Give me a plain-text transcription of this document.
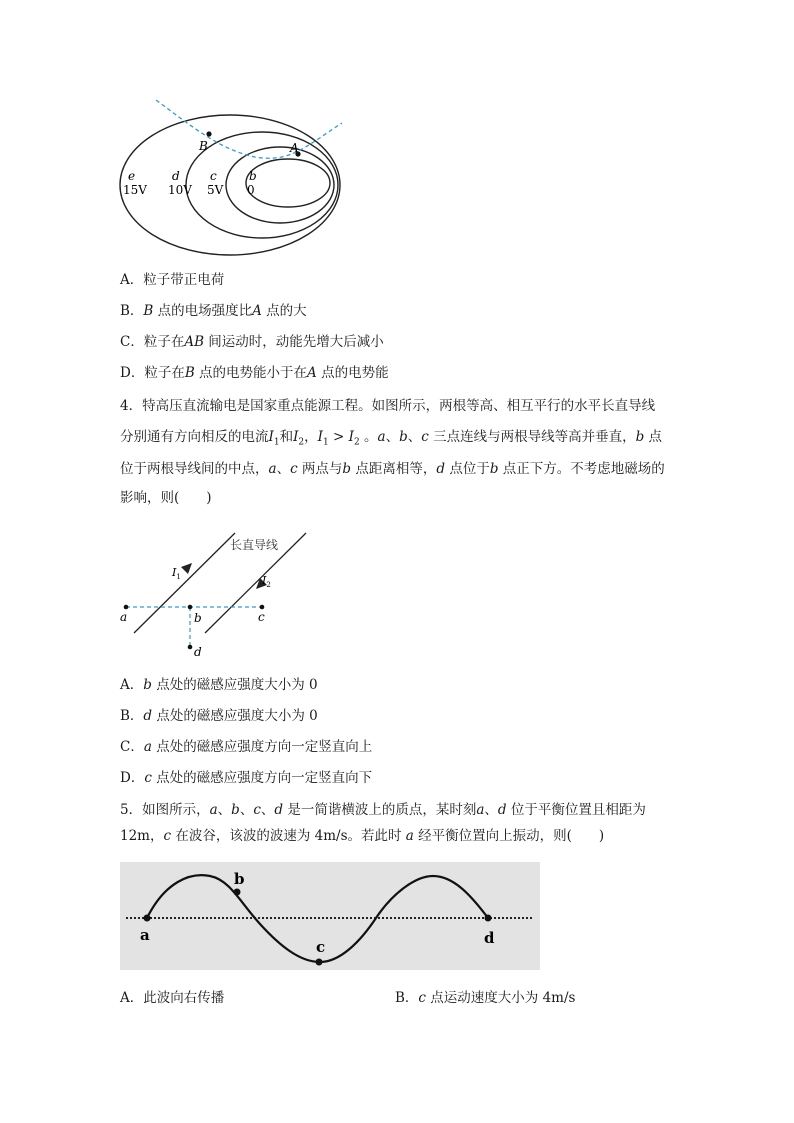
B	A
e
15V
d
10V
c
5V
b
0
A．粒子带正电荷
B．B 点的电场强度比A 点的大
C．粒子在AB 间运动时，动能先增大后减小
D．粒子在B 点的电势能小于在A 点的电势能
4．特高压直流输电是国家重点能源工程。如图所示，两根等高、相互平行的水平长直导线
分别通有方向相反的电流$I_1$和$I_2$，$I_1 > I_2$ 。a、b、c 三点连线与两根导线等高并垂直，b 点
位于两根导线间的中点，a、c 两点与b 点距离相等，d 点位于b 点正下方。不考虑地磁场的
影响，则(　　)
长直导线
$I_1$	$I_2$
a	b	c
d
A．b 点处的磁感应强度大小为 0
B．d 点处的磁感应强度大小为 0
C．a 点处的磁感应强度方向一定竖直向上
D．c 点处的磁感应强度方向一定竖直向下
5．如图所示，a、b、c、d 是一简谐横波上的质点，某时刻a、d 位于平衡位置且相距为
12m，c 在波谷，该波的波速为 4m/s。若此时 a 经平衡位置向上振动，则(　　)
a
b
c	d
A．此波向右传播	B．c 点运动速度大小为 4m/s
